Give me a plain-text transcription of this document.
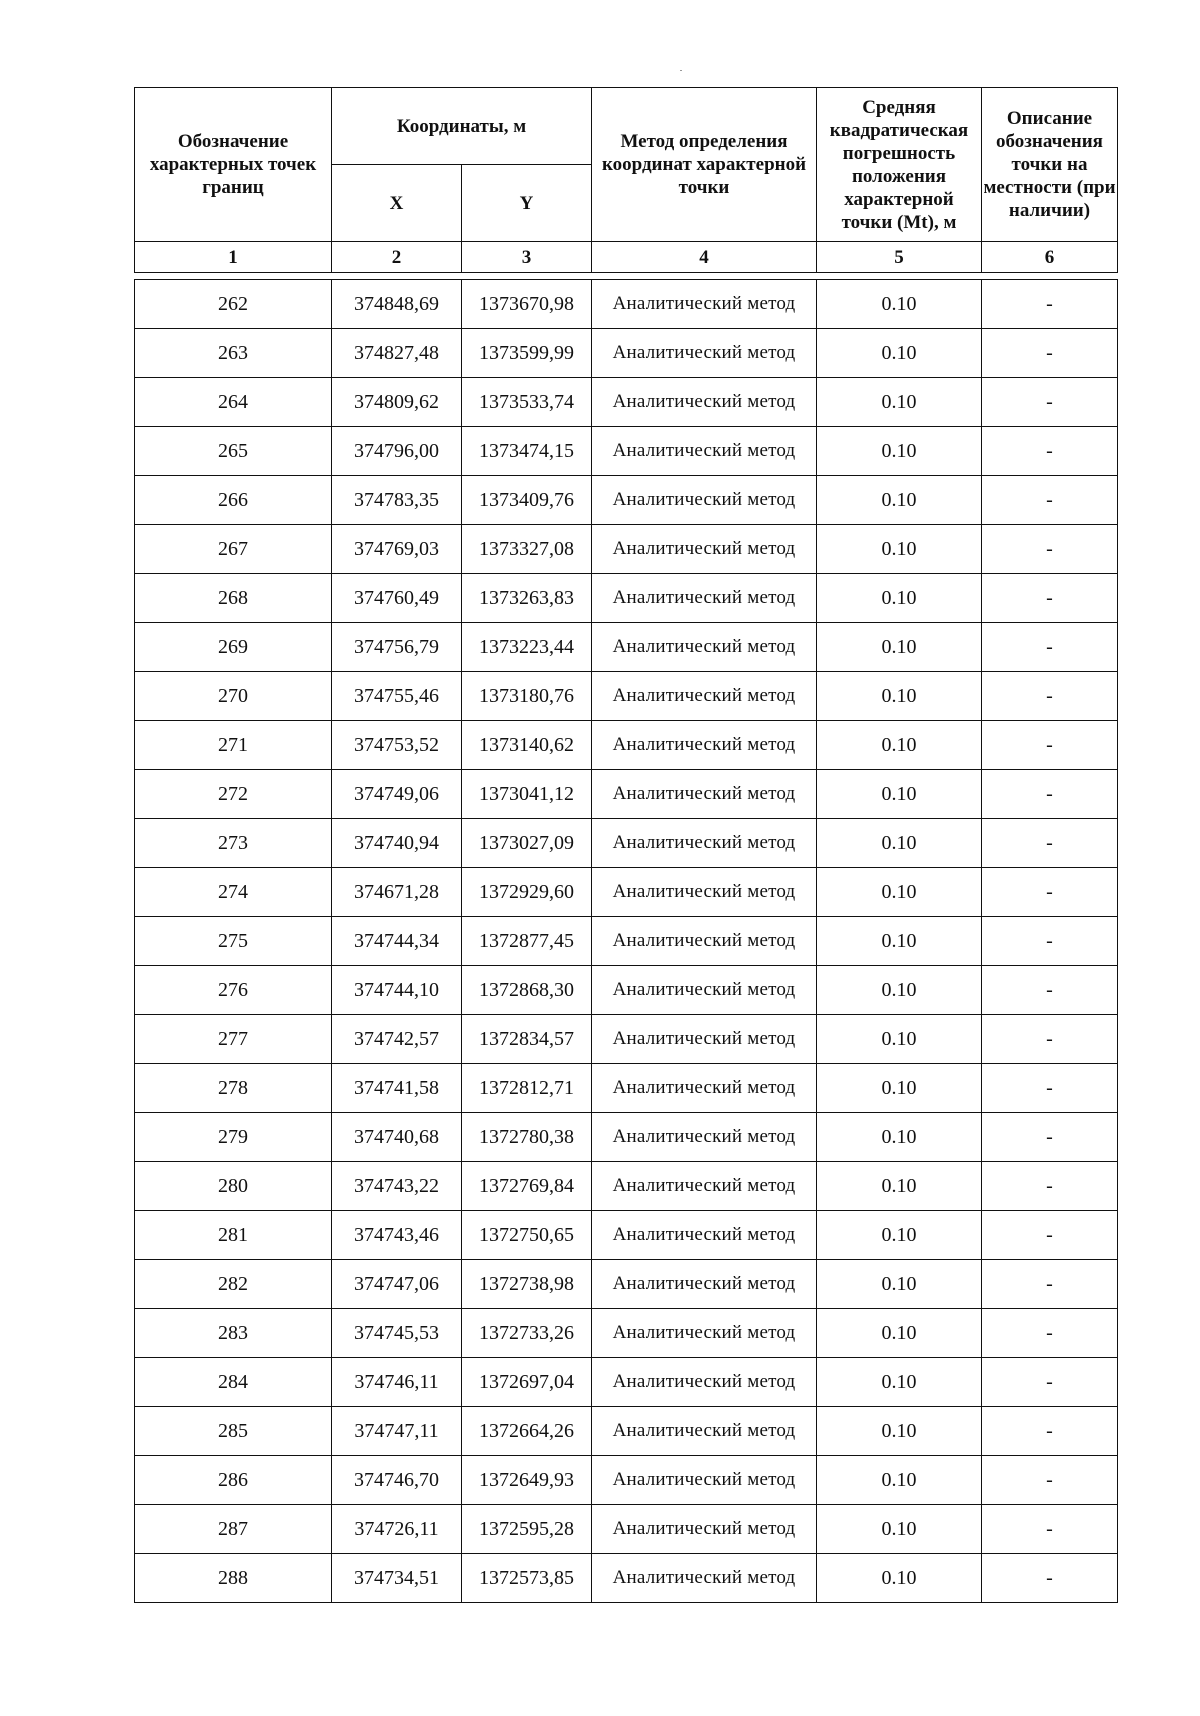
Обозначение характерных точек границ	Координаты, м		Метод определения координат характерной точки	Средняя квадратическая погрешность положения характерной точки (Mt), м	Описание обозначения точки на местности (при наличии)
	X	Y			
1	2	3	4	5	6
262	374848,69	1373670,98	Аналитический метод	0.10	-
263	374827,48	1373599,99	Аналитический метод	0.10	-
264	374809,62	1373533,74	Аналитический метод	0.10	-
265	374796,00	1373474,15	Аналитический метод	0.10	-
266	374783,35	1373409,76	Аналитический метод	0.10	-
267	374769,03	1373327,08	Аналитический метод	0.10	-
268	374760,49	1373263,83	Аналитический метод	0.10	-
269	374756,79	1373223,44	Аналитический метод	0.10	-
270	374755,46	1373180,76	Аналитический метод	0.10	-
271	374753,52	1373140,62	Аналитический метод	0.10	-
272	374749,06	1373041,12	Аналитический метод	0.10	-
273	374740,94	1373027,09	Аналитический метод	0.10	-
274	374671,28	1372929,60	Аналитический метод	0.10	-
275	374744,34	1372877,45	Аналитический метод	0.10	-
276	374744,10	1372868,30	Аналитический метод	0.10	-
277	374742,57	1372834,57	Аналитический метод	0.10	-
278	374741,58	1372812,71	Аналитический метод	0.10	-
279	374740,68	1372780,38	Аналитический метод	0.10	-
280	374743,22	1372769,84	Аналитический метод	0.10	-
281	374743,46	1372750,65	Аналитический метод	0.10	-
282	374747,06	1372738,98	Аналитический метод	0.10	-
283	374745,53	1372733,26	Аналитический метод	0.10	-
284	374746,11	1372697,04	Аналитический метод	0.10	-
285	374747,11	1372664,26	Аналитический метод	0.10	-
286	374746,70	1372649,93	Аналитический метод	0.10	-
287	374726,11	1372595,28	Аналитический метод	0.10	-
288	374734,51	1372573,85	Аналитический метод	0.10	-
